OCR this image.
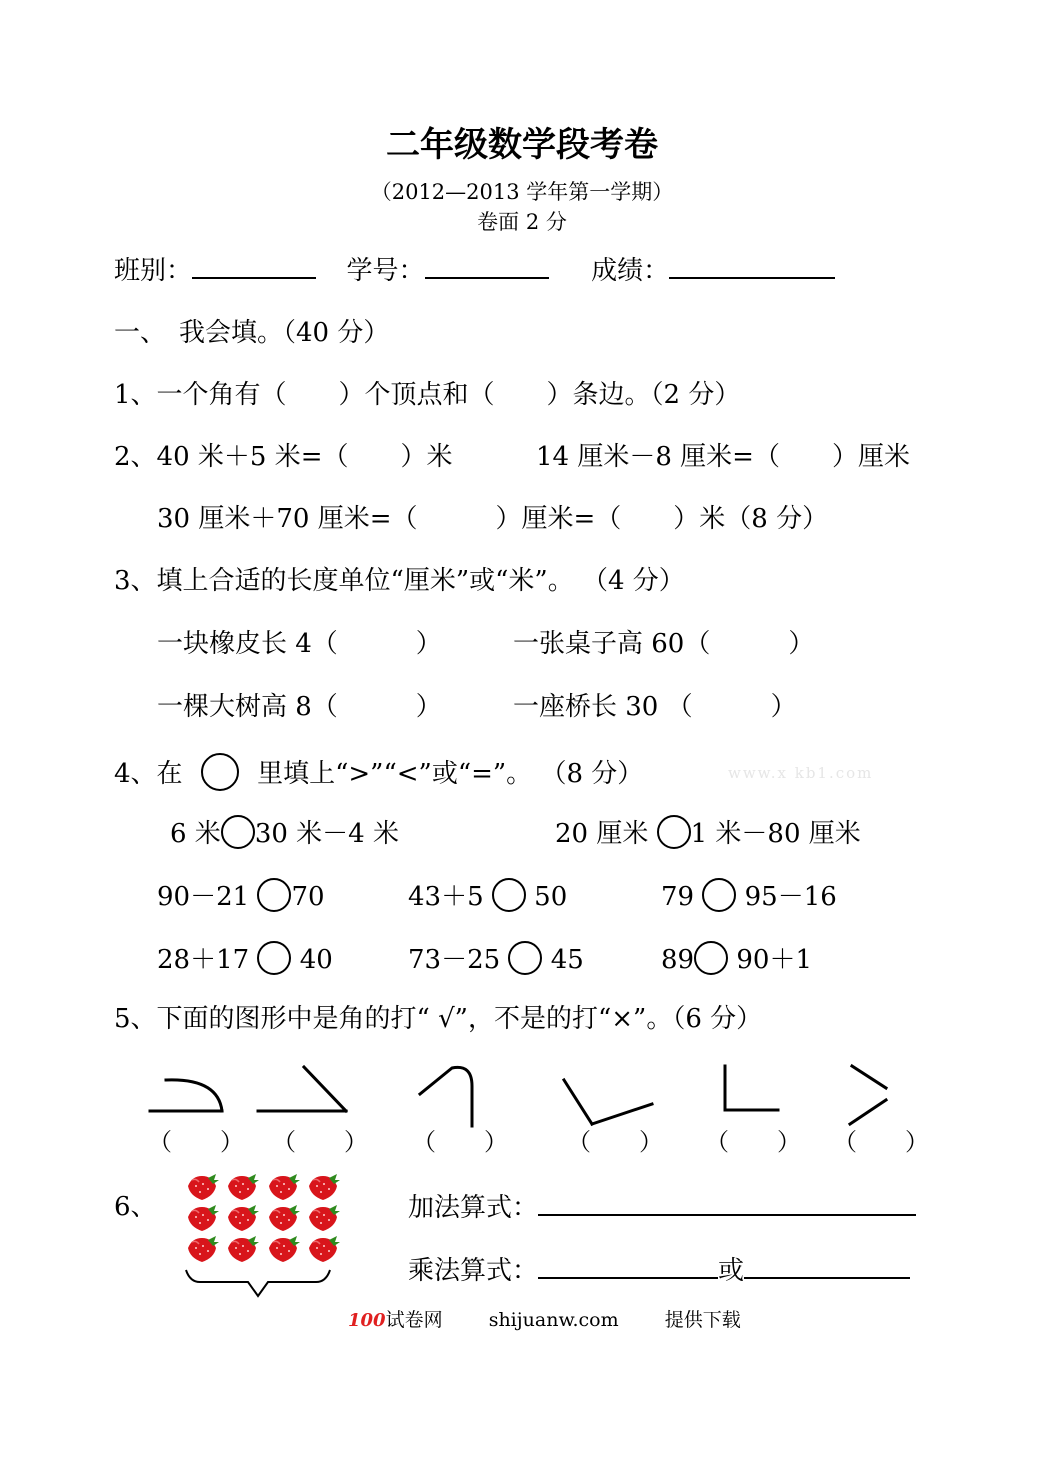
二年级数学段考卷
（2012—2013 学年第一学期）
卷面 2 分
班别：	学号：	成绩：
一、　我会填。（40 分）
1、一个角有（　　）个顶点和（　　）条边。（2 分）
2、40 米＋5 米=（　　）米	14 厘米－8 厘米=（　　）厘米
30 厘米＋70 厘米=（　　　）厘米=（　　）米（8 分）
3、填上合适的长度单位“厘米”或“米”。 （4 分）
一块橡皮长 4（　　　）	一张桌子高 60（　　　）
一棵大树高 8（　　　）	一座桥长 30 （　　　）
4、在	里填上“>”“<”或“=”。 （8 分）	www.x kb1.com
6 米 30 米－4 米	20 厘米 1 米－80 厘米
90－21 70	43＋5 50	79 95－16
28＋17 40	73－25 45	89 90＋1
5、下面的图形中是角的打“ √”，不是的打“×”。（6 分）
（　　） （　　） （　　） （　　） （　　） （　　）
6、	加法算式：
乘法算式：	或
100试卷网 shijuanw.com 提供下载
